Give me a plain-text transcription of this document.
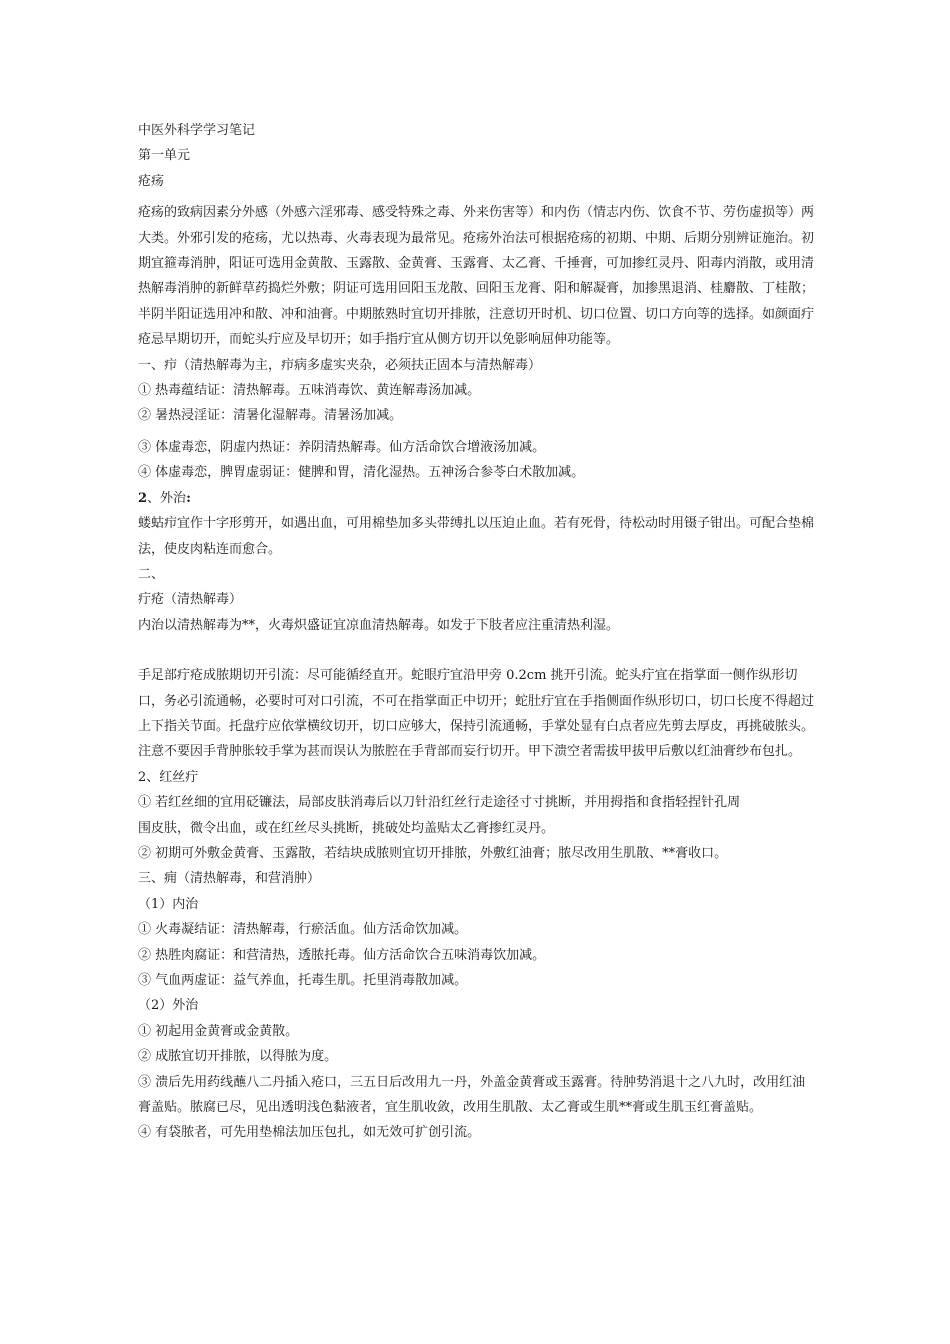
中医外科学学习笔记

第一单元

疮疡

疮疡的致病因素分外感（外感六淫邪毒、感受特殊之毒、外来伤害等）和内伤（情志内伤、饮食不节、劳伤虚损等）两大类。外邪引发的疮疡，尤以热毒、火毒表现为最常见。疮疡外治法可根据疮疡的初期、中期、后期分别辨证施治。初期宜箍毒消肿，阳证可选用金黄散、玉露散、金黄膏、玉露膏、太乙膏、千捶膏，可加掺红灵丹、阳毒内消散，或用清热解毒消肿的新鲜草药捣烂外敷；阴证可选用回阳玉龙散、回阳玉龙膏、阳和解凝膏，加掺黑退消、桂麝散、丁桂散；半阴半阳证选用冲和散、冲和油膏。中期脓熟时宜切开排脓，注意切开时机、切口位置、切口方向等的选择。如颜面疔疮忌早期切开，而蛇头疔应及早切开；如手指疔宜从侧方切开以免影响屈伸功能等。

一、疖（清热解毒为主，疖病多虚实夹杂，必须扶正固本与清热解毒）

① 热毒蕴结证：清热解毒。五味消毒饮、黄连解毒汤加减。

② 暑热浸淫证：清暑化湿解毒。清暑汤加减。

③ 体虚毒恋，阴虚内热证：养阴清热解毒。仙方活命饮合增液汤加减。

④ 体虚毒恋，脾胃虚弱证：健脾和胃，清化湿热。五神汤合参苓白术散加减。

2、外治:

蝼蛄疖宜作十字形剪开，如遇出血，可用棉垫加多头带缚扎以压迫止血。若有死骨，待松动时用镊子钳出。可配合垫棉法，使皮肉粘连而愈合。

二、

疔疮（清热解毒）

内治以清热解毒为**，火毒炽盛证宜凉血清热解毒。如发于下肢者应注重清热利湿。

手足部疔疮成脓期切开引流：尽可能循经直开。蛇眼疔宜沿甲旁 0.2cm 挑开引流。蛇头疔宜在指掌面一侧作纵形切口，务必引流通畅，必要时可对口引流，不可在指掌面正中切开；蛇肚疔宜在手指侧面作纵形切口，切口长度不得超过上下指关节面。托盘疔应依掌横纹切开，切口应够大，保持引流通畅，手掌处显有白点者应先剪去厚皮，再挑破脓头。注意不要因手背肿胀较手掌为甚而误认为脓腔在手背部而妄行切开。甲下溃空者需拔甲拔甲后敷以红油膏纱布包扎。

2、红丝疔

① 若红丝细的宜用砭镰法，局部皮肤消毒后以刀针沿红丝行走途径寸寸挑断，并用拇指和食指轻捏针孔周

围皮肤，微令出血，或在红丝尽头挑断，挑破处均盖贴太乙膏掺红灵丹。

② 初期可外敷金黄膏、玉露散，若结块成脓则宜切开排脓，外敷红油膏；脓尽改用生肌散、**膏收口。

三、痈（清热解毒，和营消肿）

（1）内治

① 火毒凝结证：清热解毒，行瘀活血。仙方活命饮加减。

② 热胜肉腐证：和营清热，透脓托毒。仙方活命饮合五味消毒饮加减。

③ 气血两虚证：益气养血，托毒生肌。托里消毒散加减。

（2）外治

① 初起用金黄膏或金黄散。

② 成脓宜切开排脓，以得脓为度。

③ 溃后先用药线蘸八二丹插入疮口，三五日后改用九一丹，外盖金黄膏或玉露膏。待肿势消退十之八九时，改用红油膏盖贴。脓腐已尽，见出透明浅色黏液者，宜生肌收敛，改用生肌散、太乙膏或生肌**膏或生肌玉红膏盖贴。

④ 有袋脓者，可先用垫棉法加压包扎，如无效可扩创引流。
